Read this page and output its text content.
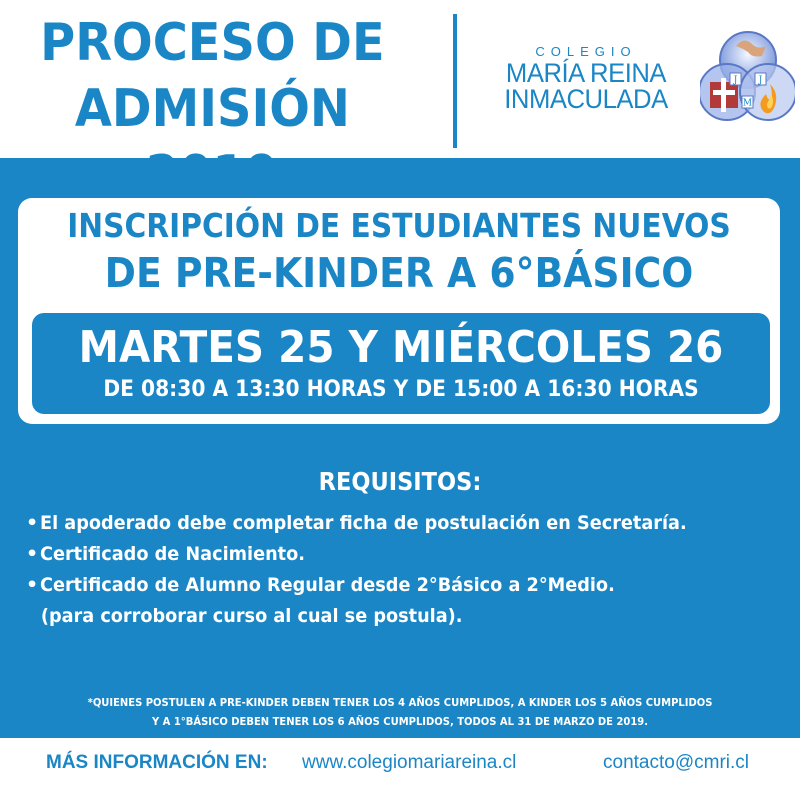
PROCESO DE
ADMISIÓN
COLEGIO
MARÍA REINA
INMACULADA
J J
M
INSCRIPCIÓN DE ESTUDIANTES NUEVOS
DE PRE-KINDER A 6°BÁSICO
MARTES 25 Y MIÉRCOLES 26
DE 08:30 A 13:30 HORAS Y DE 15:00 A 16:30 HORAS
REQUISITOS:
• El apoderado debe completar ficha de postulación en Secretaría.
• Certificado de Nacimiento.
• Certificado de Alumno Regular desde 2°Básico a 2°Medio.
(para corroborar curso al cual se postula).
*QUIENES POSTULEN A PRE-KINDER DEBEN TENER LOS 4 AÑOS CUMPLIDOS, A KINDER LOS 5 AÑOS CUMPLIDOS
Y A 1°BÁSICO DEBEN TENER LOS 6 AÑOS CUMPLIDOS, TODOS AL 31 DE MARZO DE 2019.
MÁS INFORMACIÓN EN: www.colegiomariareina.cl	contacto@cmri.cl
